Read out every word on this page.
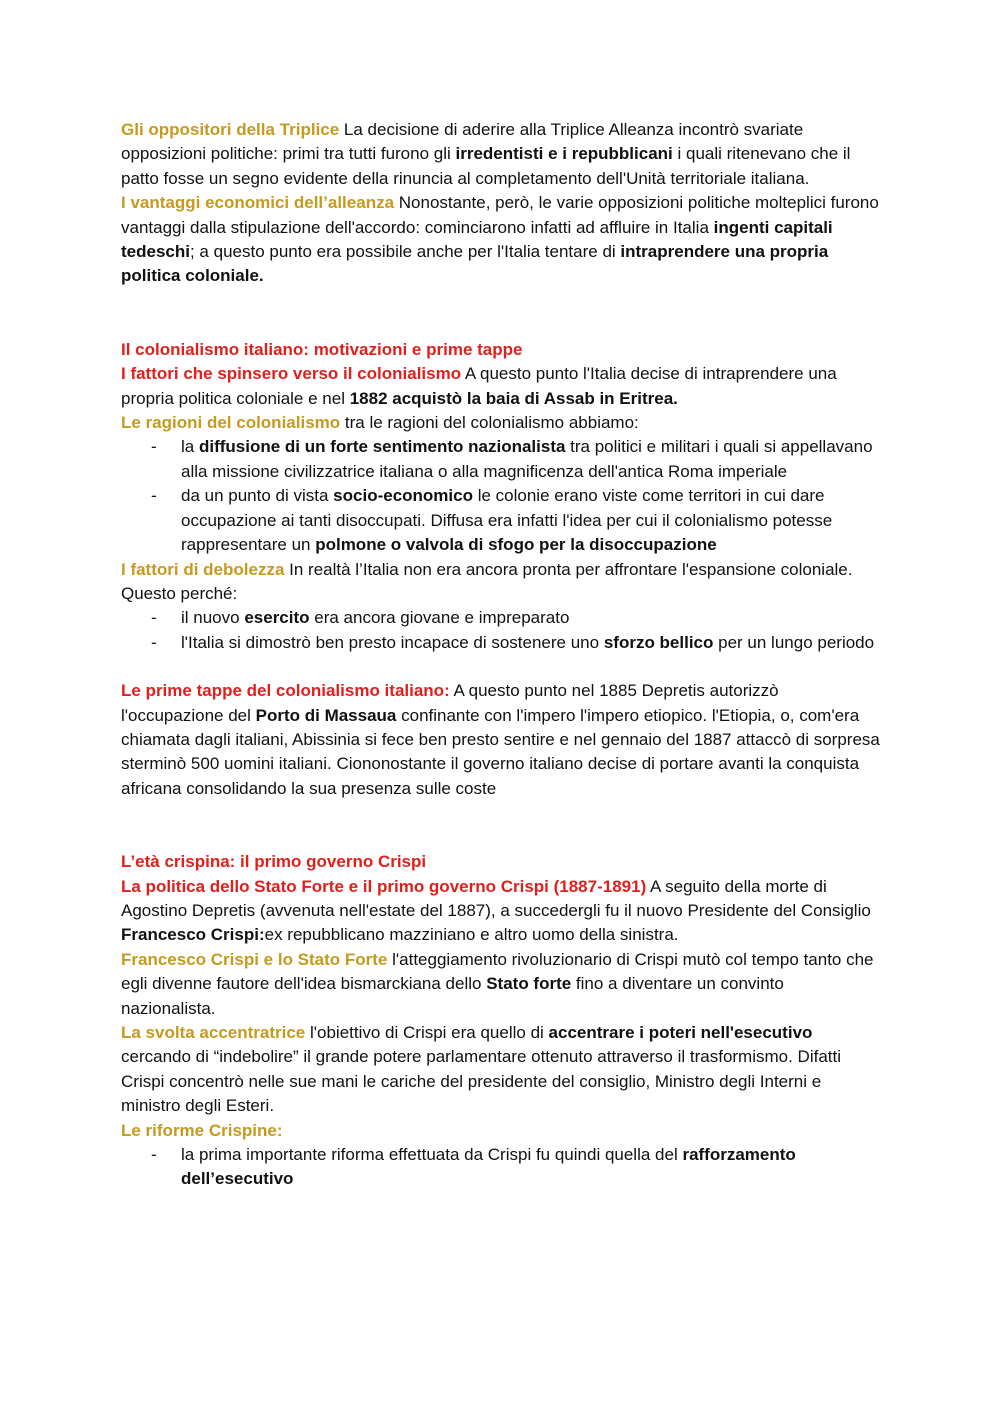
Gli oppositori della Triplice La decisione di aderire alla Triplice Alleanza incontrò svariate opposizioni politiche: primi tra tutti furono gli irredentisti e i repubblicani i quali ritenevano che il patto fosse un segno evidente della rinuncia al completamento dell'Unità territoriale italiana.

I vantaggi economici dell’alleanza Nonostante, però, le varie opposizioni politiche molteplici furono vantaggi dalla stipulazione dell'accordo: cominciarono infatti ad affluire in Italia ingenti capitali tedeschi; a questo punto era possibile anche per l'Italia tentare di intraprendere una propria politica coloniale.

Il colonialismo italiano: motivazioni e prime tappe

I fattori che spinsero verso il colonialismo A questo punto l'Italia decise di intraprendere una propria politica coloniale e nel 1882 acquistò la baia di Assab in Eritrea.

Le ragioni del colonialismo tra le ragioni del colonialismo abbiamo:

- la diffusione di un forte sentimento nazionalista tra politici e militari i quali si appellavano alla missione civilizzatrice italiana o alla magnificenza dell'antica Roma imperiale
- da un punto di vista socio-economico le colonie erano viste come territori in cui dare occupazione ai tanti disoccupati. Diffusa era infatti l'idea per cui il colonialismo potesse rappresentare un polmone o valvola di sfogo per la disoccupazione

I fattori di debolezza In realtà l’Italia non era ancora pronta per affrontare l'espansione coloniale. Questo perché:

- il nuovo esercito era ancora giovane e impreparato
- l'Italia si dimostrò ben presto incapace di sostenere uno sforzo bellico per un lungo periodo

Le prime tappe del colonialismo italiano: A questo punto nel 1885 Depretis autorizzò l'occupazione del Porto di Massaua confinante con l'impero l'impero etiopico. l'Etiopia, o, com'era chiamata dagli italiani, Abissinia si fece ben presto sentire e nel gennaio del 1887 attaccò di sorpresa sterminò 500 uomini italiani. Ciononostante il governo italiano decise di portare avanti la conquista africana consolidando la sua presenza sulle coste

L’età crispina: il primo governo Crispi

La politica dello Stato Forte e il primo governo Crispi (1887-1891) A seguito della morte di Agostino Depretis (avvenuta nell'estate del 1887), a succedergli fu il nuovo Presidente del Consiglio Francesco Crispi:ex repubblicano mazziniano e altro uomo della sinistra.

Francesco Crispi e lo Stato Forte l'atteggiamento rivoluzionario di Crispi mutò col tempo tanto che egli divenne fautore dell'idea bismarckiana dello Stato forte fino a diventare un convinto nazionalista.

La svolta accentratrice l'obiettivo di Crispi era quello di accentrare i poteri nell'esecutivo cercando di “indebolire” il grande potere parlamentare ottenuto attraverso il trasformismo. Difatti Crispi concentrò nelle sue mani le cariche del presidente del consiglio, Ministro degli Interni e ministro degli Esteri.

Le riforme Crispine:

- la prima importante riforma effettuata da Crispi fu quindi quella del rafforzamento dell’esecutivo
